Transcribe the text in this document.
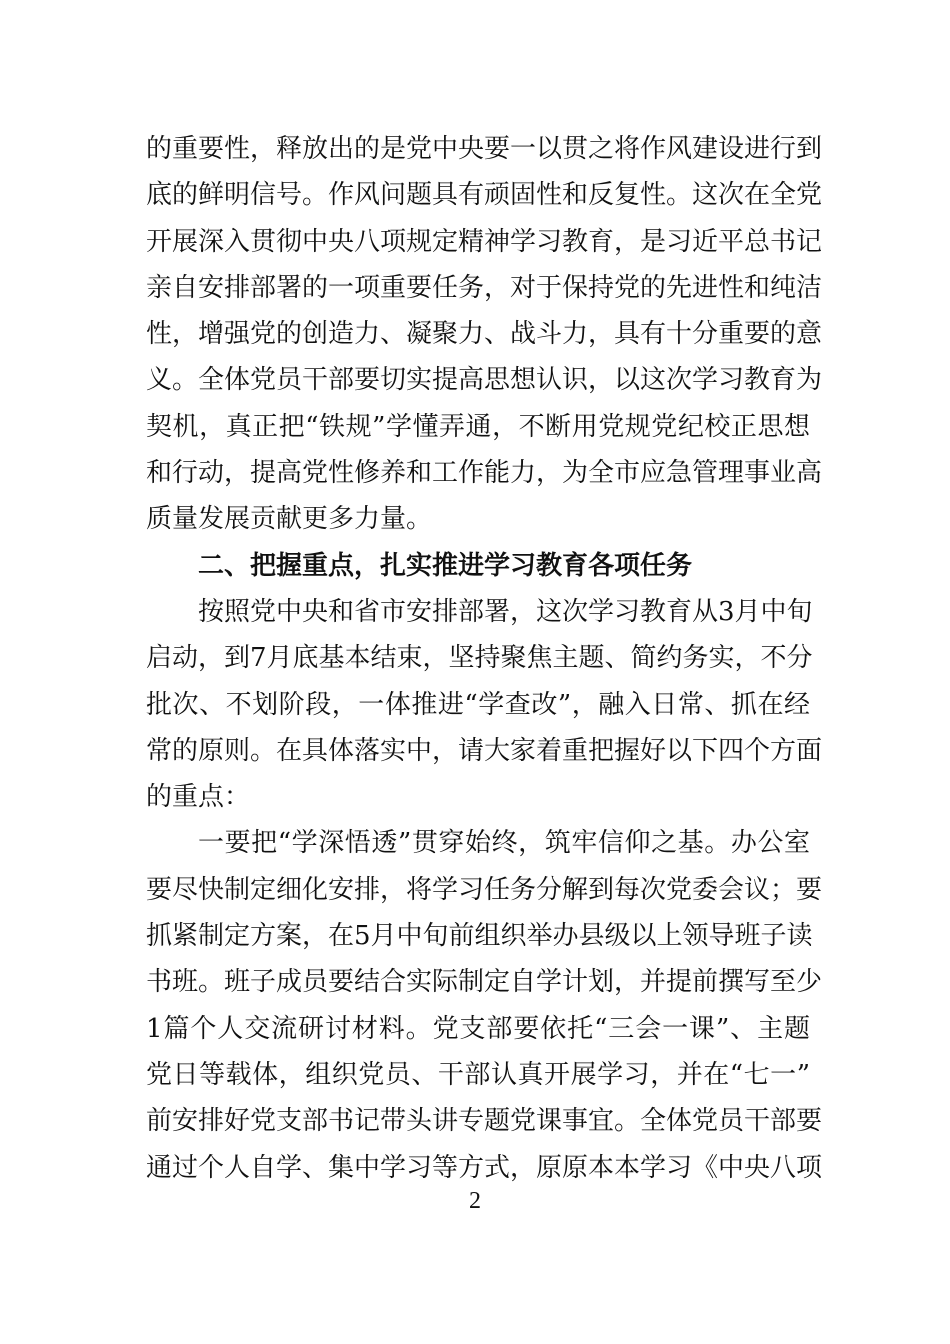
的重要性，释放出的是党中央要一以贯之将作风建设进行到
底的鲜明信号。作风问题具有顽固性和反复性。这次在全党
开展深入贯彻中央八项规定精神学习教育，是习近平总书记
亲自安排部署的一项重要任务，对于保持党的先进性和纯洁
性，增强党的创造力、凝聚力、战斗力，具有十分重要的意
义。全体党员干部要切实提高思想认识，以这次学习教育为
契机，真正把“铁规”学懂弄通，不断用党规党纪校正思想
和行动，提高党性修养和工作能力，为全市应急管理事业高
质量发展贡献更多力量。
二、把握重点，扎实推进学习教育各项任务
按照党中央和省市安排部署，这次学习教育从3月中旬
启动，到7月底基本结束，坚持聚焦主题、简约务实，不分
批次、不划阶段，一体推进“学查改”，融入日常、抓在经
常的原则。在具体落实中，请大家着重把握好以下四个方面
的重点：
一要把“学深悟透”贯穿始终，筑牢信仰之基。办公室
要尽快制定细化安排，将学习任务分解到每次党委会议；要
抓紧制定方案，在5月中旬前组织举办县级以上领导班子读
书班。班子成员要结合实际制定自学计划，并提前撰写至少
1篇个人交流研讨材料。党支部要依托“三会一课”、主题
党日等载体，组织党员、干部认真开展学习，并在“七一”
前安排好党支部书记带头讲专题党课事宜。全体党员干部要
通过个人自学、集中学习等方式，原原本本学习《中央八项
2
